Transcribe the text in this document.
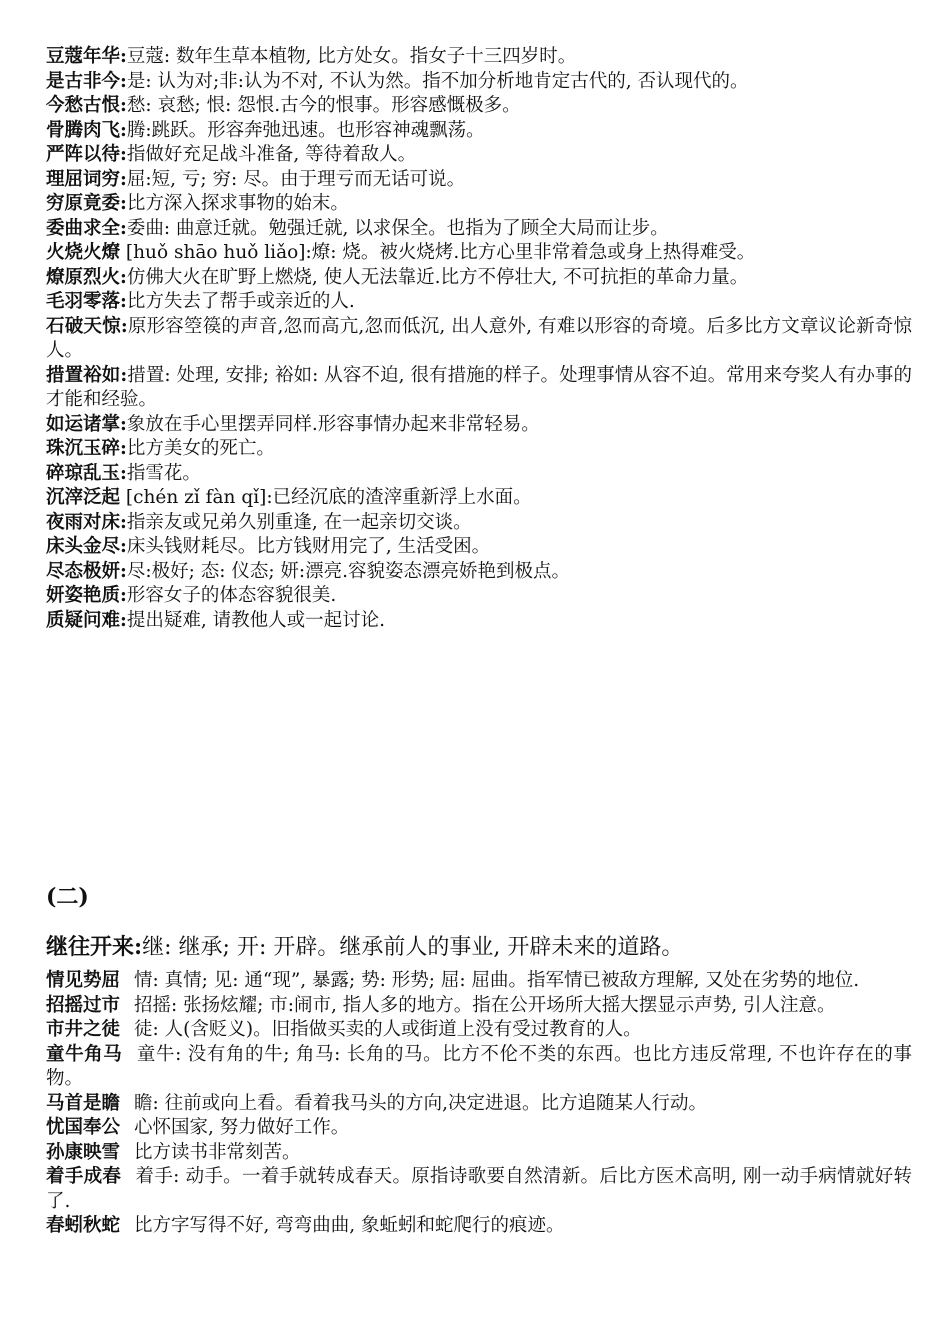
豆蔻年华:豆蔻: 数年生草本植物, 比方处女。指女子十三四岁时。

是古非今:是: 认为对;非:认为不对, 不认为然。指不加分析地肯定古代的, 否认现代的。

今愁古恨:愁: 哀愁; 恨: 怨恨.古今的恨事。形容感慨极多。

骨腾肉飞:腾:跳跃。形容奔弛迅速。也形容神魂飘荡。

严阵以待:指做好充足战斗准备, 等待着敌人。

理屈词穷:屈:短, 亏; 穷: 尽。由于理亏而无话可说。

穷原竟委:比方深入探求事物的始末。

委曲求全:委曲: 曲意迁就。勉强迁就, 以求保全。也指为了顾全大局而让步。

火烧火燎 [huǒ shāo huǒ liǎo]:燎: 烧。被火烧烤.比方心里非常着急或身上热得难受。

燎原烈火:仿佛大火在旷野上燃烧, 使人无法靠近.比方不停壮大, 不可抗拒的革命力量。

毛羽零落:比方失去了帮手或亲近的人.

石破天惊:原形容箜篌的声音,忽而高亢,忽而低沉, 出人意外, 有难以形容的奇境。后多比方文章议论新奇惊人。

措置裕如:措置: 处理, 安排; 裕如: 从容不迫, 很有措施的样子。处理事情从容不迫。常用来夸奖人有办事的才能和经验。

如运诸掌:象放在手心里摆弄同样.形容事情办起来非常轻易。

珠沉玉碎:比方美女的死亡。

碎琼乱玉:指雪花。

沉滓泛起 [chén zǐ fàn qǐ]:已经沉底的渣滓重新浮上水面。

夜雨对床:指亲友或兄弟久别重逢, 在一起亲切交谈。

床头金尽:床头钱财耗尽。比方钱财用完了, 生活受困。

尽态极妍:尽:极好; 态: 仪态; 妍:漂亮.容貌姿态漂亮娇艳到极点。

妍姿艳质:形容女子的体态容貌很美.

质疑问难:提出疑难, 请教他人或一起讨论.

(二)

继往开来:继: 继承; 开: 开辟。继承前人的事业, 开辟未来的道路。

情见势屈 情: 真情; 见: 通“现”, 暴露; 势: 形势; 屈: 屈曲。指军情已被敌方理解, 又处在劣势的地位.

招摇过市 招摇: 张扬炫耀; 市:闹市, 指人多的地方。指在公开场所大摇大摆显示声势, 引人注意。

市井之徒 徒: 人(含贬义)。旧指做买卖的人或街道上没有受过教育的人。

童牛角马 童牛: 没有角的牛; 角马: 长角的马。比方不伦不类的东西。也比方违反常理, 不也许存在的事物。

马首是瞻 瞻: 往前或向上看。看着我马头的方向,决定进退。比方追随某人行动。

忧国奉公 心怀国家, 努力做好工作。

孙康映雪 比方读书非常刻苦。

着手成春 着手: 动手。一着手就转成春天。原指诗歌要自然清新。后比方医术高明, 刚一动手病情就好转了.

春蚓秋蛇 比方字写得不好, 弯弯曲曲, 象蚯蚓和蛇爬行的痕迹。
